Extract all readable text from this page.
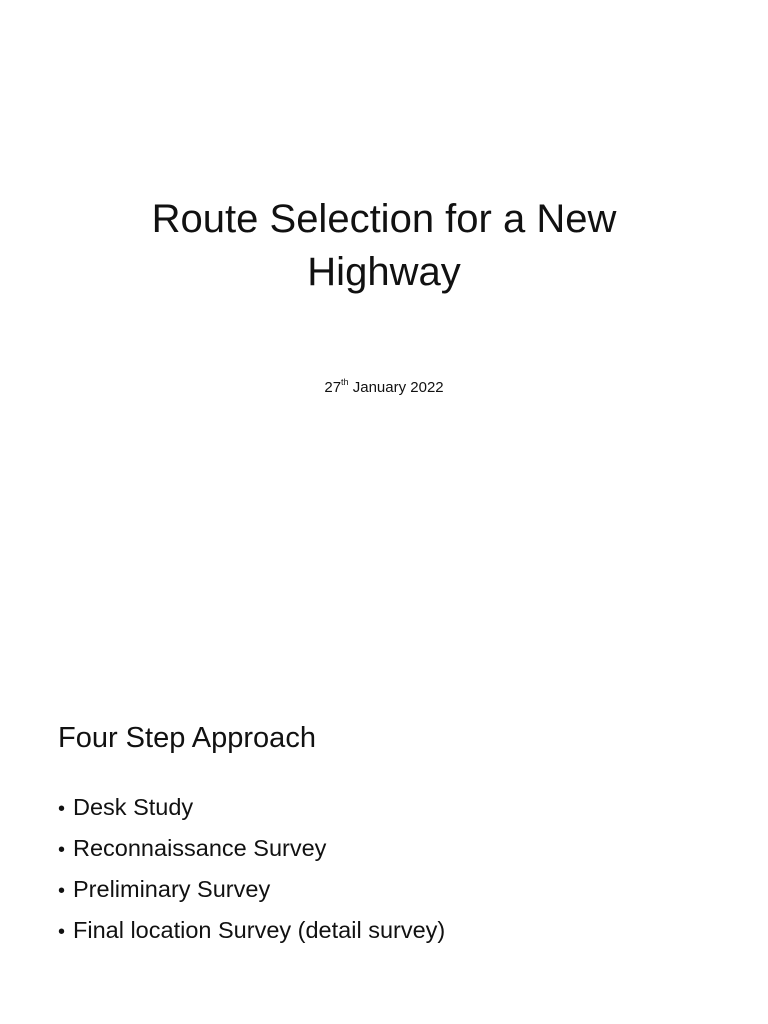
Route Selection for a New
Highway
27th January 2022
Four Step Approach
• Desk Study
• Reconnaissance Survey
• Preliminary Survey
• Final location Survey (detail survey)
